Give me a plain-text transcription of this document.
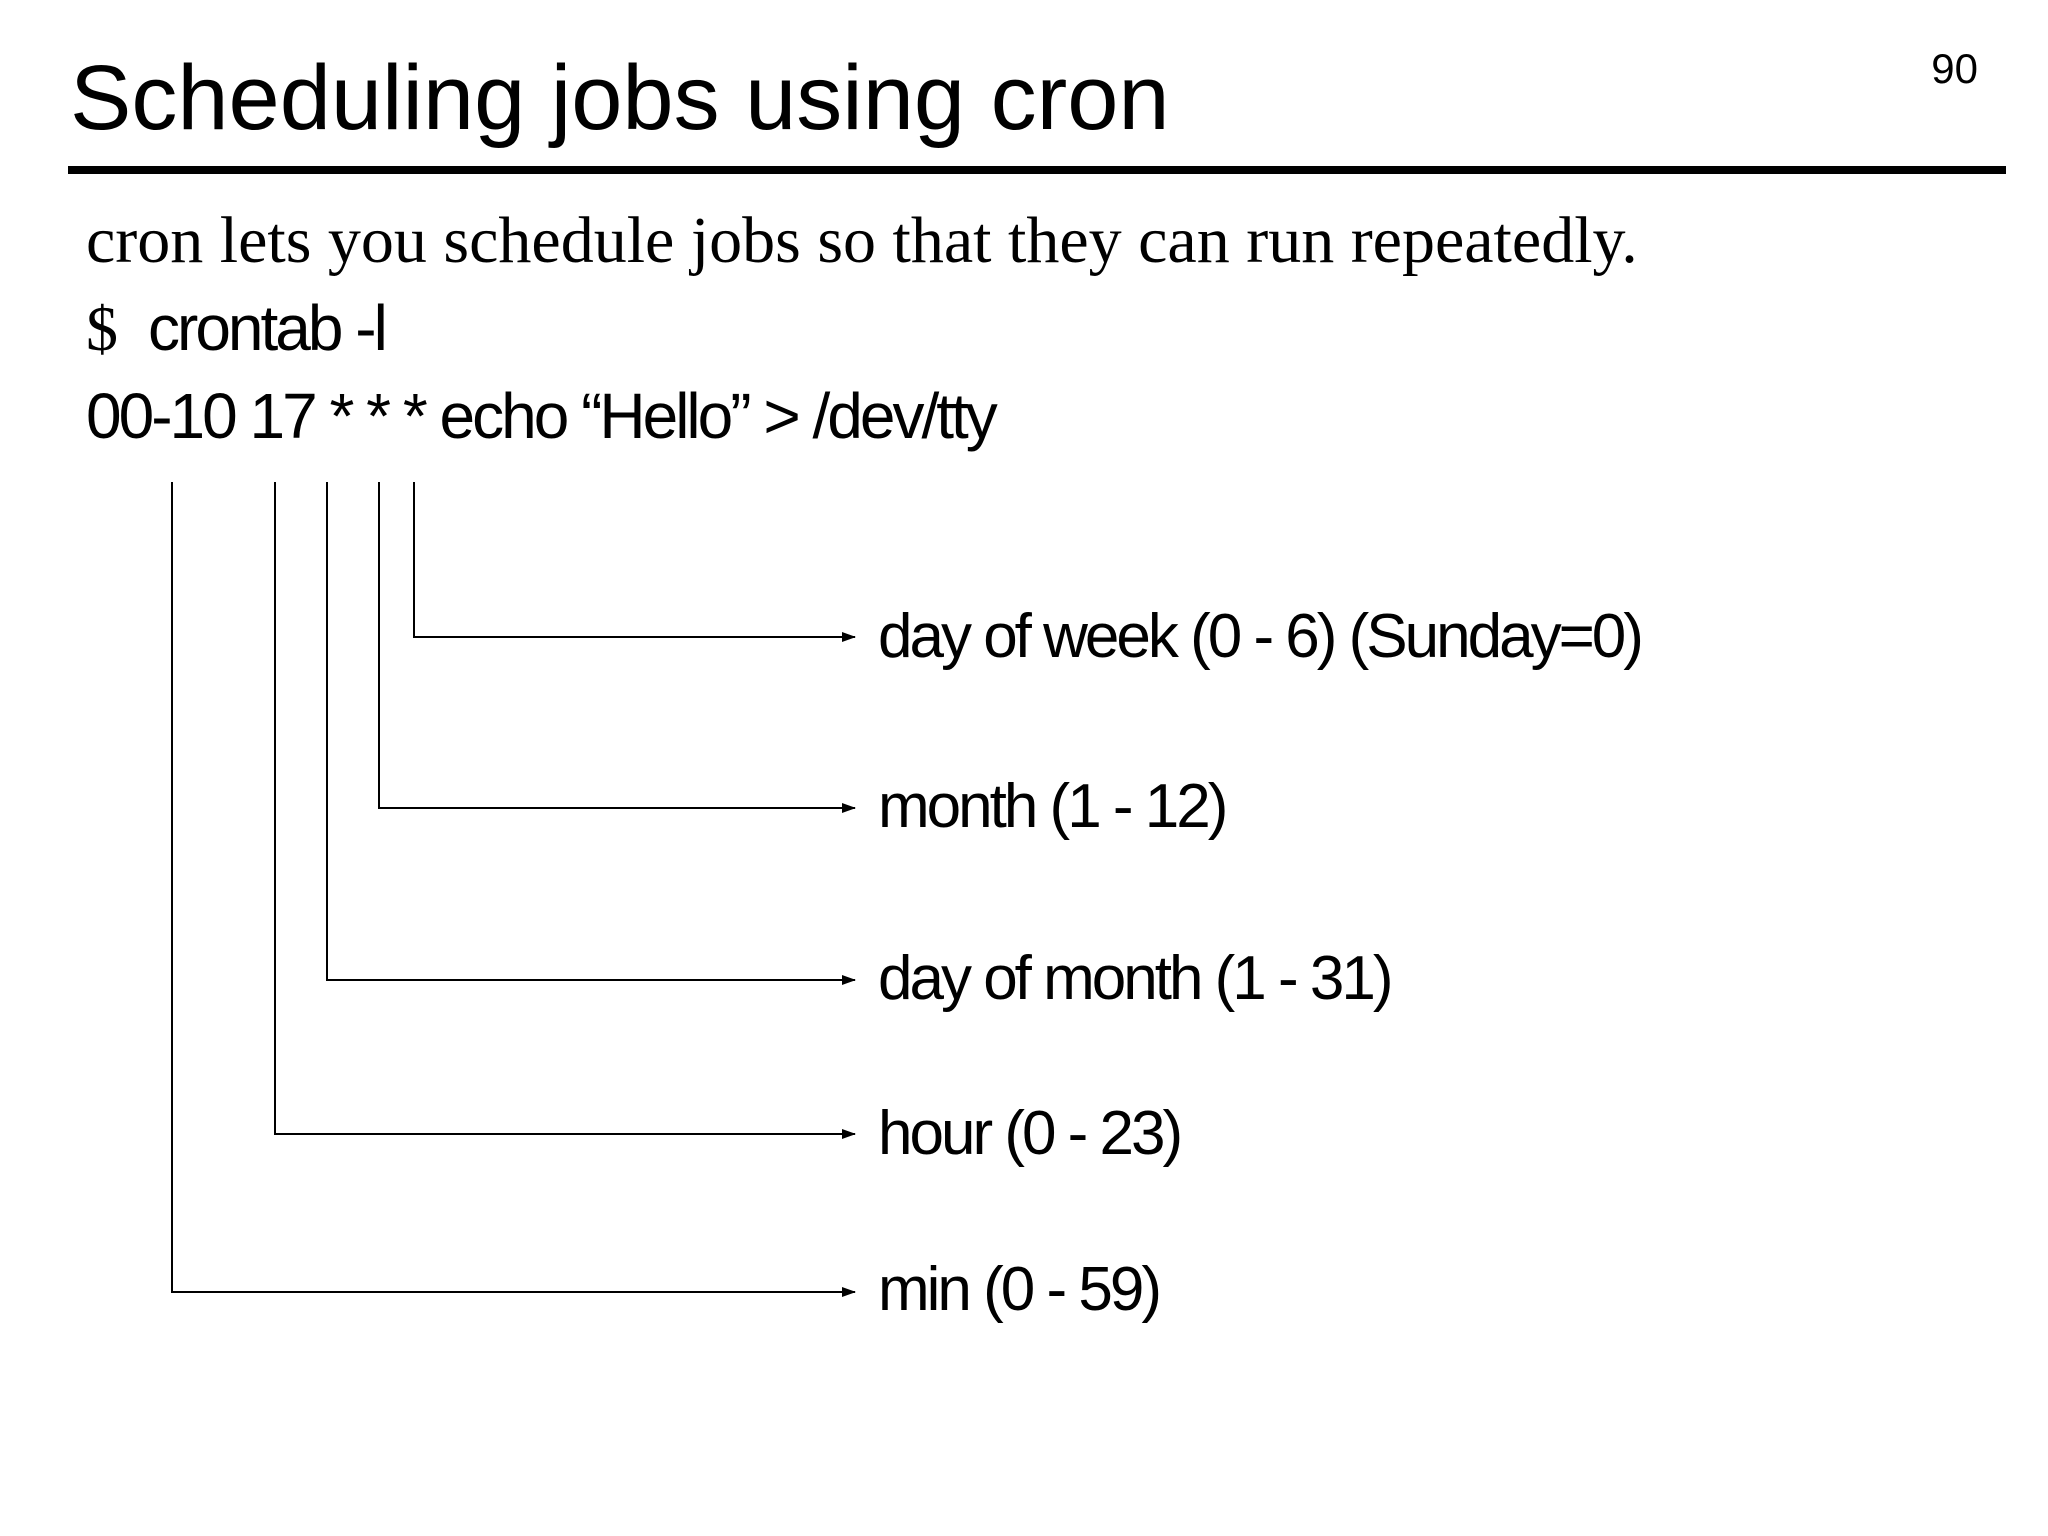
90
Scheduling jobs using cron
cron lets you schedule jobs so that they can run repeatedly.
$ crontab -l
00-10 17 * * * echo “Hello” > /dev/tty
day of week (0 - 6) (Sunday=0)
month (1 - 12)
day of month (1 - 31)
hour (0 - 23)
min (0 - 59)
